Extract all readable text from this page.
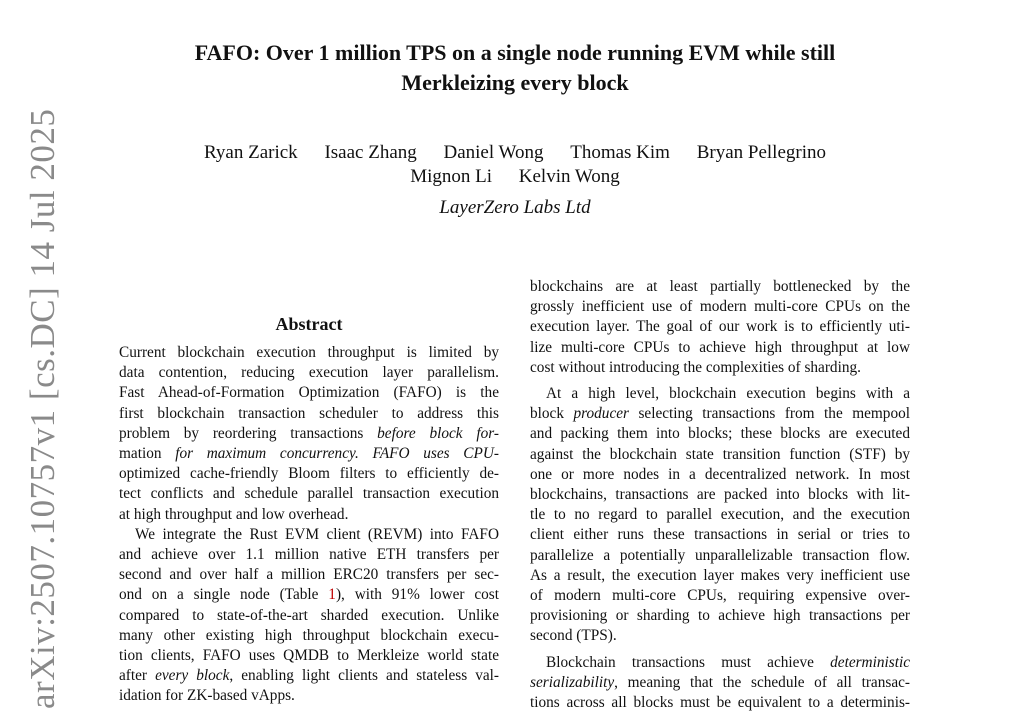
FAFO: Over 1 million TPS on a single node running EVM while still
Merkleizing every block
Ryan Zarick Isaac Zhang Daniel Wong Thomas Kim Bryan Pellegrino
Mignon Li Kelvin Wong
LayerZero Labs Ltd
arXiv:2507.10757v1 [cs.DC] 14 Jul 2025	Abstract
Current blockchain execution throughput is limited by
data contention, reducing execution layer parallelism.
Fast Ahead-of-Formation Optimization (FAFO) is the
first blockchain transaction scheduler to address this
problem by reordering transactions before block for-
mation for maximum concurrency. FAFO uses CPU-
optimized cache-friendly Bloom filters to efficiently de-
tect conflicts and schedule parallel transaction execution
at high throughput and low overhead.
We integrate the Rust EVM client (REVM) into FAFO
and achieve over 1.1 million native ETH transfers per
second and over half a million ERC20 transfers per sec-
ond on a single node (Table 1), with 91% lower cost
compared to state-of-the-art sharded execution. Unlike
many other existing high throughput blockchain execu-
tion clients, FAFO uses QMDB to Merkleize world state
after every block, enabling light clients and stateless val-
idation for ZK-based vApps.
blockchains are at least partially bottlenecked by the
grossly inefficient use of modern multi-core CPUs on the
execution layer. The goal of our work is to efficiently uti-
lize multi-core CPUs to achieve high throughput at low
cost without introducing the complexities of sharding.
At a high level, blockchain execution begins with a
block producer selecting transactions from the mempool
and packing them into blocks; these blocks are executed
against the blockchain state transition function (STF) by
one or more nodes in a decentralized network. In most
blockchains, transactions are packed into blocks with lit-
tle to no regard to parallel execution, and the execution
client either runs these transactions in serial or tries to
parallelize a potentially unparallelizable transaction flow.
As a result, the execution layer makes very inefficient use
of modern multi-core CPUs, requiring expensive over-
provisioning or sharding to achieve high transactions per
second (TPS).
Blockchain transactions must achieve deterministic
serializability, meaning that the schedule of all transac-
tions across all blocks must be equivalent to a determinis-
